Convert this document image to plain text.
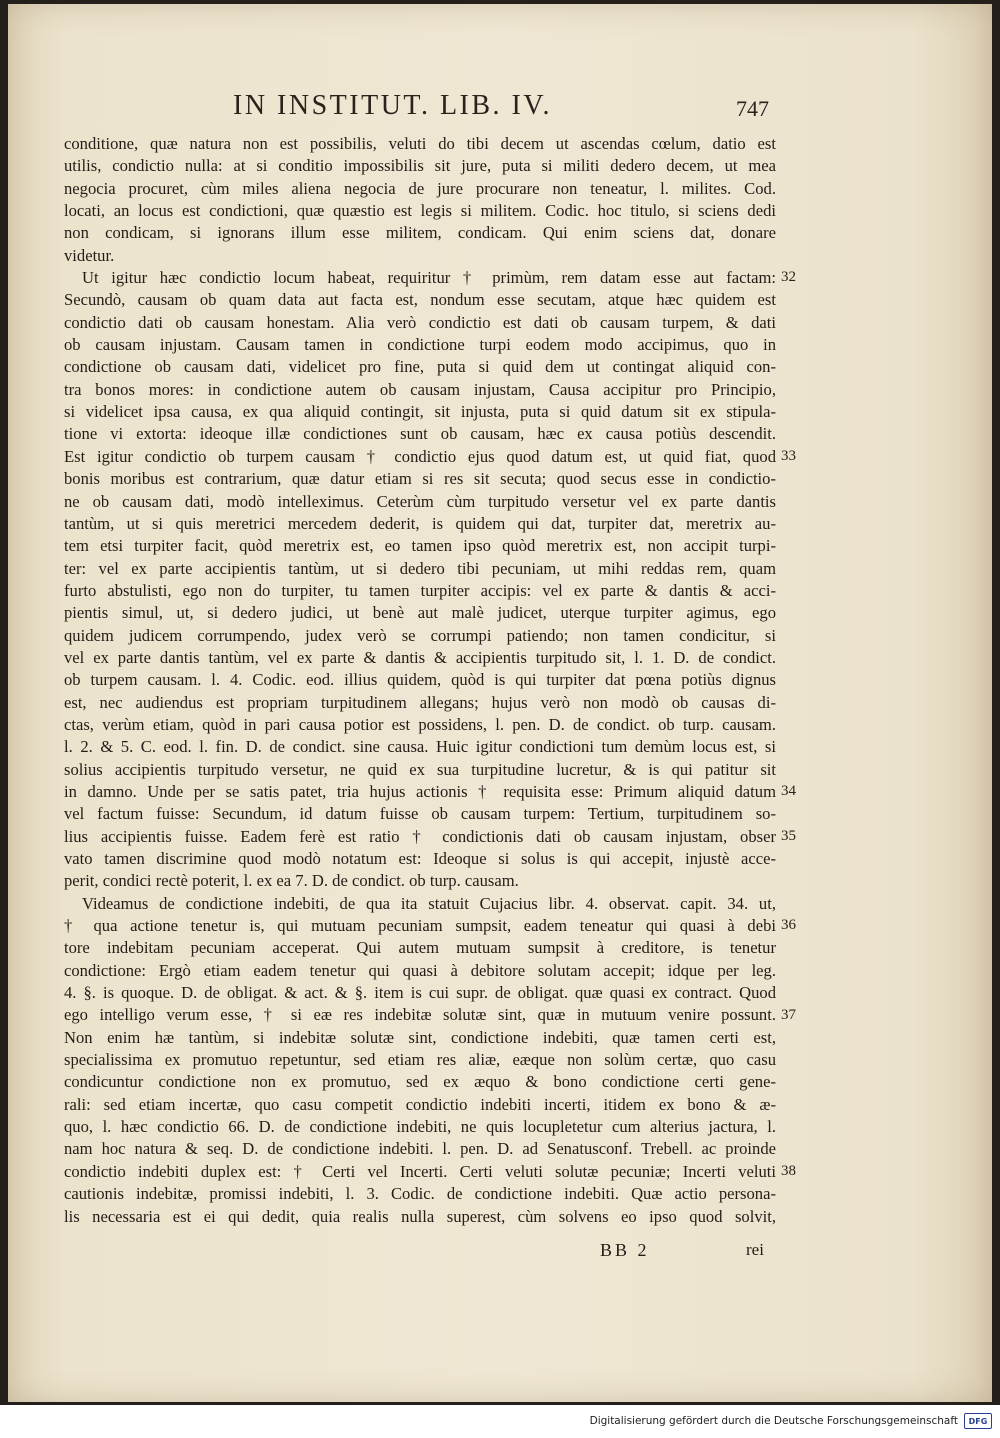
IN INSTITUT. LIB. IV.	747
conditione, quæ natura non est possibilis, veluti do tibi decem ut ascendas cœlum, datio est
utilis, condictio nulla: at si conditio impossibilis sit jure, puta si militi dedero decem, ut mea
negocia procuret, cùm miles aliena negocia de jure procurare non teneatur, l. milites. Cod.
locati, an locus est condictioni, quæ quæstio est legis si militem. Codic. hoc titulo, si sciens dedi
non condicam, si ignorans illum esse militem, condicam. Qui enim sciens dat, donare
videtur.
Ut igitur hæc condictio locum habeat, requiritur † primùm, rem datam esse aut factam:
Secundò, causam ob quam data aut facta est, nondum esse secutam, atque hæc quidem est
condictio dati ob causam honestam. Alia verò condictio est dati ob causam turpem, & dati
ob causam injustam. Causam tamen in condictione turpi eodem modo accipimus, quo in
condictione ob causam dati, videlicet pro fine, puta si quid dem ut contingat aliquid con-
tra bonos mores: in condictione autem ob causam injustam, Causa accipitur pro Principio,
si videlicet ipsa causa, ex qua aliquid contingit, sit injusta, puta si quid datum sit ex stipula-
tione vi extorta: ideoque illæ condictiones sunt ob causam, hæc ex causa potiùs descendit.
Est igitur condictio ob turpem causam † condictio ejus quod datum est, ut quid fiat, quod
bonis moribus est contrarium, quæ datur etiam si res sit secuta; quod secus esse in condictio-
ne ob causam dati, modò intelleximus. Ceterùm cùm turpitudo versetur vel ex parte dantis
tantùm, ut si quis meretrici mercedem dederit, is quidem qui dat, turpiter dat, meretrix au-
tem etsi turpiter facit, quòd meretrix est, eo tamen ipso quòd meretrix est, non accipit turpi-
ter: vel ex parte accipientis tantùm, ut si dedero tibi pecuniam, ut mihi reddas rem, quam
furto abstulisti, ego non do turpiter, tu tamen turpiter accipis: vel ex parte & dantis & acci-
pientis simul, ut, si dedero judici, ut benè aut malè judicet, uterque turpiter agimus, ego
quidem judicem corrumpendo, judex verò se corrumpi patiendo; non tamen condicitur, si
vel ex parte dantis tantùm, vel ex parte & dantis & accipientis turpitudo sit, l. 1. D. de condict.
ob turpem causam. l. 4. Codic. eod. illius quidem, quòd is qui turpiter dat pœna potiùs dignus
est, nec audiendus est propriam turpitudinem allegans; hujus verò non modò ob causas di-
ctas, verùm etiam, quòd in pari causa potior est possidens, l. pen. D. de condict. ob turp. causam.
l. 2. & 5. C. eod. l. fin. D. de condict. sine causa. Huic igitur condictioni tum demùm locus est, si
solius accipientis turpitudo versetur, ne quid ex sua turpitudine lucretur, & is qui patitur sit
in damno. Unde per se satis patet, tria hujus actionis † requisita esse: Primum aliquid datum
vel factum fuisse: Secundum, id datum fuisse ob causam turpem: Tertium, turpitudinem so-
lius accipientis fuisse. Eadem ferè est ratio † condictionis dati ob causam injustam, obser
vato tamen discrimine quod modò notatum est: Ideoque si solus is qui accepit, injustè acce-
perit, condici rectè poterit, l. ex ea 7. D. de condict. ob turp. causam.
Videamus de condictione indebiti, de qua ita statuit Cujacius libr. 4. observat. capit. 34. ut,
† qua actione tenetur is, qui mutuam pecuniam sumpsit, eadem teneatur qui quasi à debi
tore indebitam pecuniam acceperat. Qui autem mutuam sumpsit à creditore, is tenetur
condictione: Ergò etiam eadem tenetur qui quasi à debitore solutam accepit; idque per leg.
4. §. is quoque. D. de obligat. & act. & §. item is cui supr. de obligat. quæ quasi ex contract. Quod
ego intelligo verum esse, † si eæ res indebitæ solutæ sint, quæ in mutuum venire possunt.
Non enim hæ tantùm, si indebitæ solutæ sint, condictione indebiti, quæ tamen certi est,
specialissima ex promutuo repetuntur, sed etiam res aliæ, eæque non solùm certæ, quo casu
condicuntur condictione non ex promutuo, sed ex æquo & bono condictione certi gene-
rali: sed etiam incertæ, quo casu competit condictio indebiti incerti, itidem ex bono & æ-
quo, l. hæc condictio 66. D. de condictione indebiti, ne quis locupletetur cum alterius jactura, l.
nam hoc natura & seq. D. de condictione indebiti. l. pen. D. ad Senatusconf. Trebell. ac proinde
condictio indebiti duplex est: † Certi vel Incerti. Certi veluti solutæ pecuniæ; Incerti veluti
cautionis indebitæ, promissi indebiti, l. 3. Codic. de condictione indebiti. Quæ actio persona-
lis necessaria est ei qui dedit, quia realis nulla superest, cùm solvens eo ipso quod solvit,
32
33
34
35
36
37
38
BB 2	rei
Digitalisierung gefördert durch die Deutsche Forschungsgemeinschaft	DFG
